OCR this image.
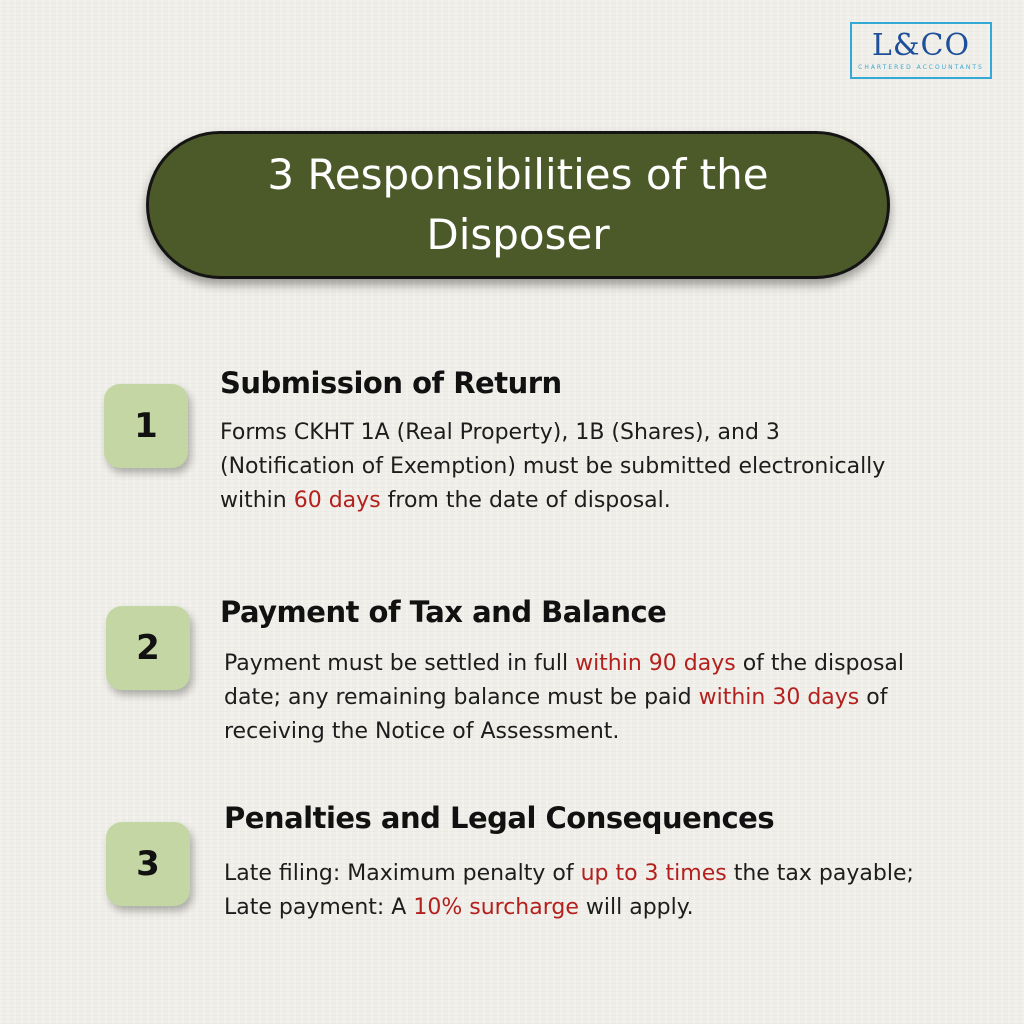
L&CO
CHARTERED ACCOUNTANTS
3 Responsibilities of the
Disposer
1
Submission of Return
Forms CKHT 1A (Real Property), 1B (Shares), and 3 (Notification of Exemption) must be submitted electronically within 60 days from the date of disposal.
2
Payment of Tax and Balance
Payment must be settled in full within 90 days of the disposal date; any remaining balance must be paid within 30 days of receiving the Notice of Assessment.
3
Penalties and Legal Consequences
Late filing: Maximum penalty of up to 3 times the tax payable; Late payment: A 10% surcharge will apply.
